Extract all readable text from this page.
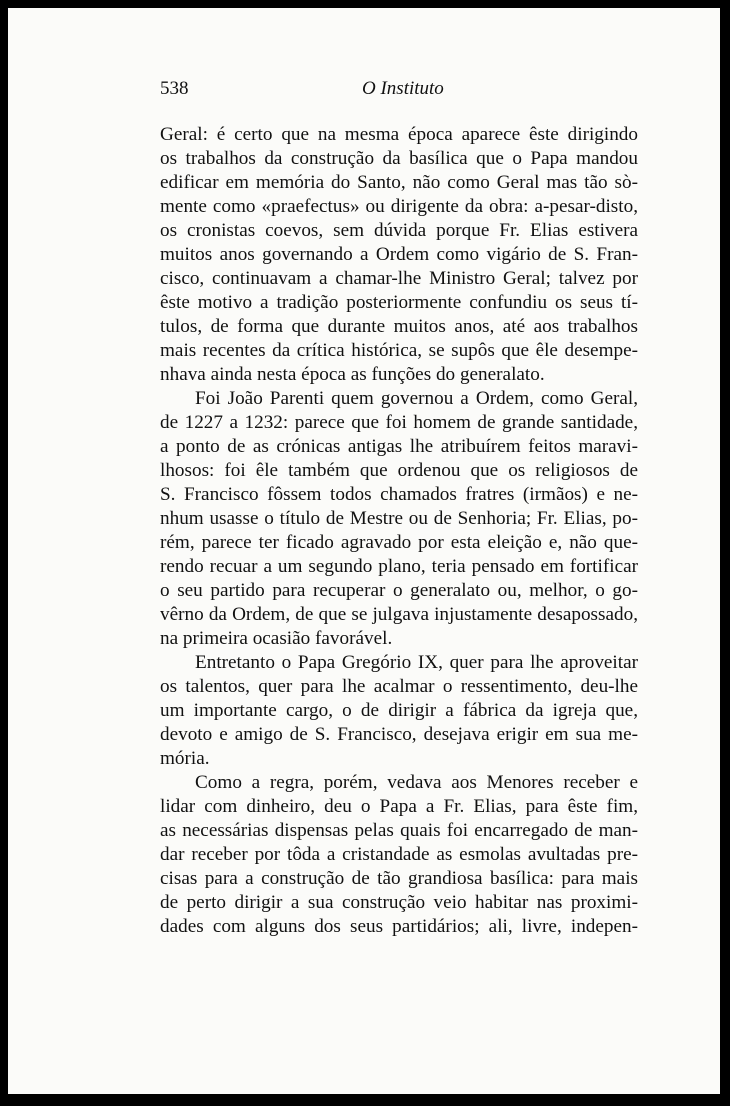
538	O Instituto
Geral: é certo que na mesma época aparece êste dirigindo
os trabalhos da construção da basílica que o Papa mandou
edificar em memória do Santo, não como Geral mas tão sò-
mente como «praefectus» ou dirigente da obra: a-pesar-disto,
os cronistas coevos, sem dúvida porque Fr. Elias estivera
muitos anos governando a Ordem como vigário de S. Fran-
cisco, continuavam a chamar-lhe Ministro Geral; talvez por
êste motivo a tradição posteriormente confundiu os seus tí-
tulos, de forma que durante muitos anos, até aos trabalhos
mais recentes da crítica histórica, se supôs que êle desempe-
nhava ainda nesta época as funções do generalato.
Foi João Parenti quem governou a Ordem, como Geral,
de 1227 a 1232: parece que foi homem de grande santidade,
a ponto de as crónicas antigas lhe atribuírem feitos maravi-
lhosos: foi êle também que ordenou que os religiosos de
S. Francisco fôssem todos chamados fratres (irmãos) e ne-
nhum usasse o título de Mestre ou de Senhoria; Fr. Elias, po-
rém, parece ter ficado agravado por esta eleição e, não que-
rendo recuar a um segundo plano, teria pensado em fortificar
o seu partido para recuperar o generalato ou, melhor, o go-
vêrno da Ordem, de que se julgava injustamente desapossado,
na primeira ocasião favorável.
Entretanto o Papa Gregório IX, quer para lhe aproveitar
os talentos, quer para lhe acalmar o ressentimento, deu-lhe
um importante cargo, o de dirigir a fábrica da igreja que,
devoto e amigo de S. Francisco, desejava erigir em sua me-
mória.
Como a regra, porém, vedava aos Menores receber e
lidar com dinheiro, deu o Papa a Fr. Elias, para êste fim,
as necessárias dispensas pelas quais foi encarregado de man-
dar receber por tôda a cristandade as esmolas avultadas pre-
cisas para a construção de tão grandiosa basílica: para mais
de perto dirigir a sua construção veio habitar nas proximi-
dades com alguns dos seus partidários; ali, livre, indepen-
